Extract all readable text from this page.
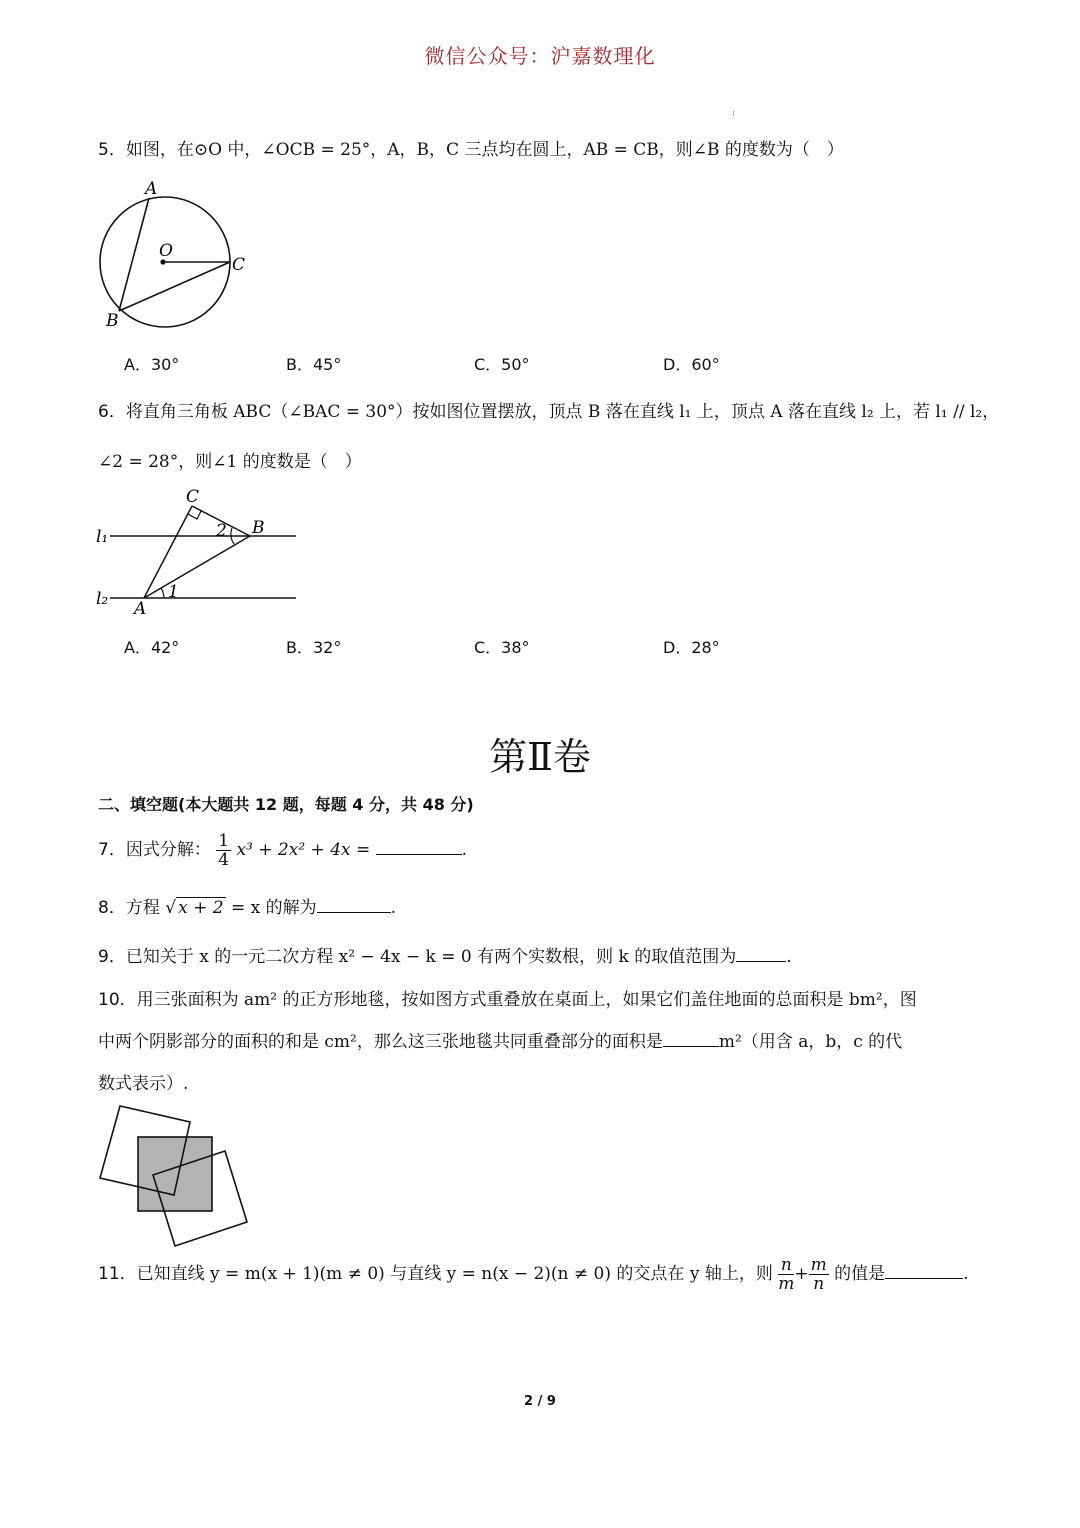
微信公众号：沪嘉数理化
:
5．如图，在⊙O 中，∠OCB = 25°，A，B，C 三点均在圆上，AB = CB，则∠B 的度数为（　）
A
O
C
B
A．30°	B．45°	C．50°	D．60°
6．将直角三角板 ABC（∠BAC = 30°）按如图位置摆放，顶点 B 落在直线 l₁ 上，顶点 A 落在直线 l₂ 上，若 l₁ // l₂，
∠2 = 28°，则∠1 的度数是（　）
C
B
A
l₁
l₂
2
1
A．42°	B．32°	C．38°	D．28°
第Ⅱ卷
二、填空题(本大题共 12 题，每题 4 分，共 48 分)
7．因式分解： $\frac{1}{4} x^3 + 2x^2 + 4x$ =	.
8．方程 √ x + 2 = x 的解为	.
9．已知关于 x 的一元二次方程 x² − 4x − k = 0 有两个实数根，则 k 的取值范围为	.
10．用三张面积为 am² 的正方形地毯，按如图方式重叠放在桌面上，如果它们盖住地面的总面积是 bm²，图
中两个阴影部分的面积的和是 cm²，那么这三张地毯共同重叠部分的面积是	m²（用含 a，b，c 的代
数式表示）.
11．已知直线 y = m(x + 1)(m ≠ 0) 与直线 y = n(x − 2)(n ≠ 0) 的交点在 y 轴上，则 $\frac{n}{m} + \frac{m}{n}$ 的值是	.
2 / 9
